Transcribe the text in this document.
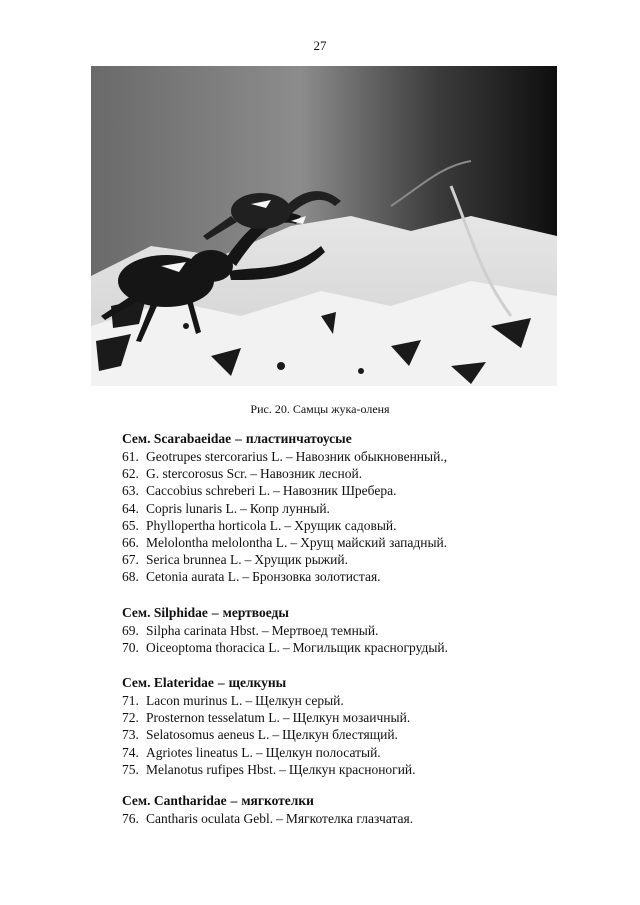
27
Рис. 20. Самцы жука-оленя
Сем. Scarabaeidae – пластинчатоусые
61. Geotrupes stercorarius L. – Навозник обыкновенный.,
62. G. stercorosus Scr. – Навозник лесной.
63. Caccobius schreberi L. – Навозник Шребера.
64. Copris lunaris L. – Копр лунный.
65. Phyllopertha horticola L. – Хрущик садовый.
66. Melolontha melolontha L. – Хрущ майский западный.
67. Serica brunnea L. – Хрущик рыжий.
68. Cetonia aurata L. – Бронзовка золотистая.
Сем. Silphidae – мертвоеды
69. Silpha carinata Hbst. – Мертвоед темный.
70. Oiceoptoma thoracica L. – Могильщик красногрудый.
Сем. Elateridae – щелкуны
71. Lacon murinus L. – Щелкун серый.
72. Prosternon tesselatum L. – Щелкун мозаичный.
73. Selatosomus aeneus L. – Щелкун блестящий.
74. Agriotes lineatus L. – Щелкун полосатый.
75. Melanotus rufipes Hbst. – Щелкун красноногий.
Сем. Cantharidae – мягкотелки
76. Cantharis oculata Gebl. – Мягкотелка глазчатая.
